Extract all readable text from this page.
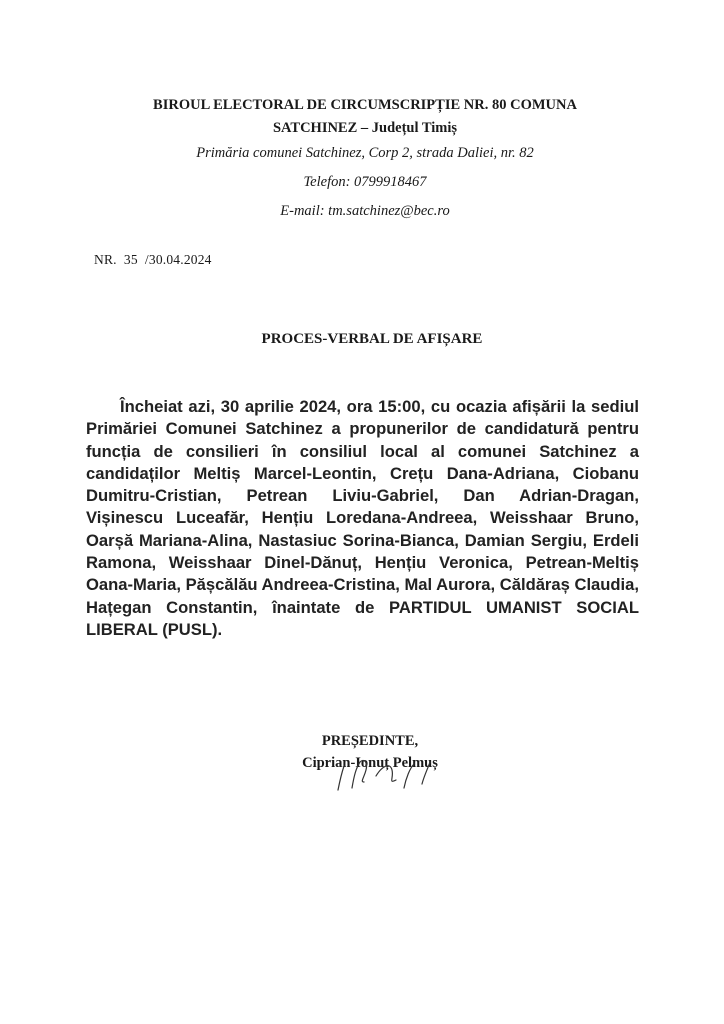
BIROUL ELECTORAL DE CIRCUMSCRIPȚIE NR. 80 COMUNA SATCHINEZ – Județul Timiș
Primăria comunei Satchinez, Corp 2, strada Daliei, nr. 82
Telefon: 0799918467
E-mail: tm.satchinez@bec.ro
NR.  35  /30.04.2024
PROCES-VERBAL DE AFIȘARE
Încheiat azi, 30 aprilie 2024, ora 15:00, cu ocazia afișării la sediul Primăriei Comunei Satchinez a propunerilor de candidatură pentru funcția de consilieri în consiliul local al comunei Satchinez a candidaților Meltiș Marcel-Leontin, Crețu Dana-Adriana, Ciobanu Dumitru-Cristian, Petrean Liviu-Gabriel, Dan Adrian-Dragan, Vișinescu Luceafăr, Hențiu Loredana-Andreea, Weisshaar Bruno, Oarșă Mariana-Alina, Nastasiuc Sorina-Bianca, Damian Sergiu, Erdeli Ramona, Weisshaar Dinel-Dănuț, Hențiu Veronica, Petrean-Meltiș Oana-Maria, Pășcălău Andreea-Cristina, Mal Aurora, Căldăraș Claudia, Hațegan Constantin, înaintate de PARTIDUL UMANIST SOCIAL LIBERAL (PUSL).
PREȘEDINTE,
Ciprian-Ionuț Pelmuș
